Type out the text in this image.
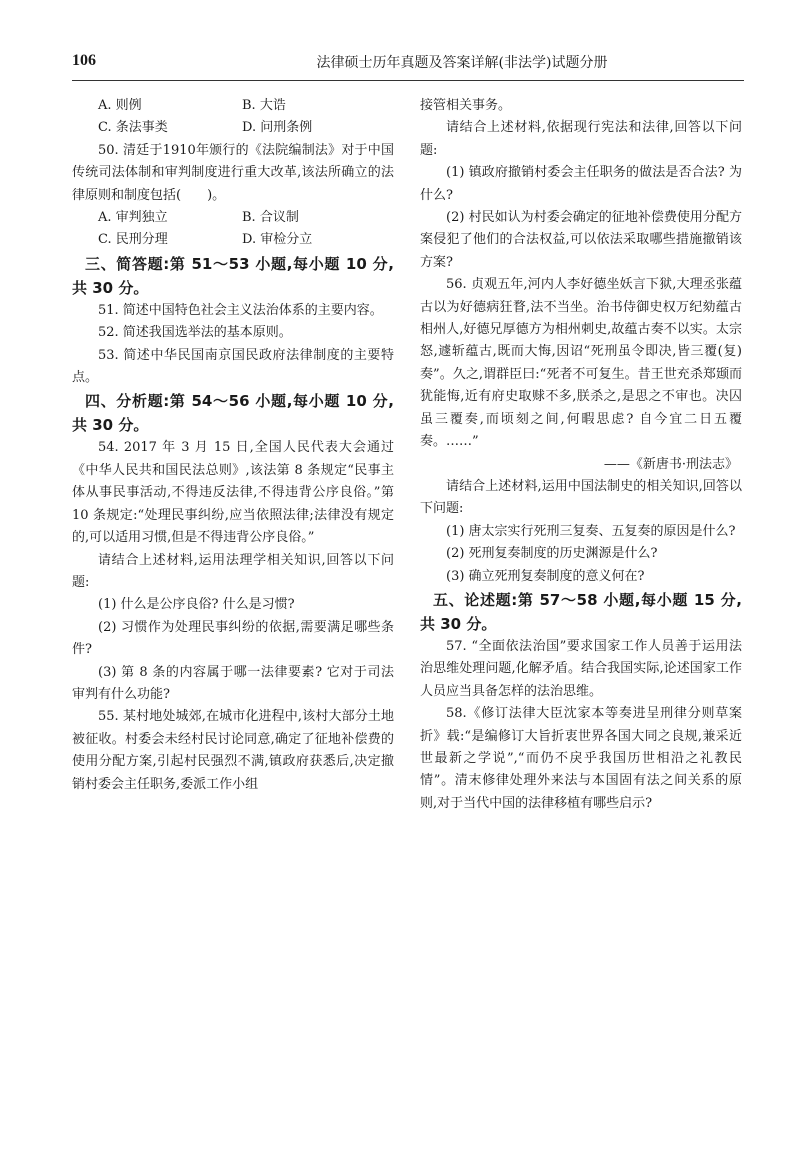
106	法律硕士历年真题及答案详解(非法学)试题分册
A. 则例	B. 大诰
C. 条法事类	D. 问刑条例

50. 清廷于1910年颁行的《法院编制法》对于中国传统司法体制和审判制度进行重大改革,该法所确立的法律原则和制度包括(　　)。

A. 审判独立	B. 合议制
C. 民刑分理	D. 审检分立

三、简答题:第 51～53 小题,每小题 10 分,共 30 分。

51. 简述中国特色社会主义法治体系的主要内容。

52. 简述我国选举法的基本原则。

53. 简述中华民国南京国民政府法律制度的主要特点。

四、分析题:第 54～56 小题,每小题 10 分,共 30 分。

54. 2017 年 3 月 15 日,全国人民代表大会通过《中华人民共和国民法总则》,该法第 8 条规定“民事主体从事民事活动,不得违反法律,不得违背公序良俗。”第 10 条规定:“处理民事纠纷,应当依照法律;法律没有规定的,可以适用习惯,但是不得违背公序良俗。”

请结合上述材料,运用法理学相关知识,回答以下问题:

(1) 什么是公序良俗? 什么是习惯?

(2) 习惯作为处理民事纠纷的依据,需要满足哪些条件?

(3) 第 8 条的内容属于哪一法律要素? 它对于司法审判有什么功能?

55. 某村地处城郊,在城市化进程中,该村大部分土地被征收。村委会未经村民讨论同意,确定了征地补偿费的使用分配方案,引起村民强烈不满,镇政府获悉后,决定撤销村委会主任职务,委派工作小组

接管相关事务。

请结合上述材料,依据现行宪法和法律,回答以下问题:

(1) 镇政府撤销村委会主任职务的做法是否合法? 为什么?

(2) 村民如认为村委会确定的征地补偿费使用分配方案侵犯了他们的合法权益,可以依法采取哪些措施撤销该方案?

56. 贞观五年,河内人李好德坐妖言下狱,大理丞张蕴古以为好德病狂瞀,法不当坐。治书侍御史权万纪劾蕴古相州人,好德兄厚德方为相州刺史,故蕴古奏不以实。太宗怒,遽斩蕴古,既而大悔,因诏“死刑虽令即决,皆三覆(复)奏”。久之,谓群臣曰:“死者不可复生。昔王世充杀郑颋而犹能悔,近有府史取赇不多,朕杀之,是思之不审也。决囚虽三覆奏,而顷刻之间,何暇思虑? 自今宜二日五覆奏。……”

——《新唐书·刑法志》

请结合上述材料,运用中国法制史的相关知识,回答以下问题:

(1) 唐太宗实行死刑三复奏、五复奏的原因是什么?

(2) 死刑复奏制度的历史渊源是什么?

(3) 确立死刑复奏制度的意义何在?

五、论述题:第 57～58 小题,每小题 15 分,共 30 分。

57. “全面依法治国”要求国家工作人员善于运用法治思维处理问题,化解矛盾。结合我国实际,论述国家工作人员应当具备怎样的法治思维。

58.《修订法律大臣沈家本等奏进呈刑律分则草案折》载:“是编修订大旨折衷世界各国大同之良规,兼采近世最新之学说”,“而仍不戾乎我国历世相沿之礼教民情”。清末修律处理外来法与本国固有法之间关系的原则,对于当代中国的法律移植有哪些启示?
